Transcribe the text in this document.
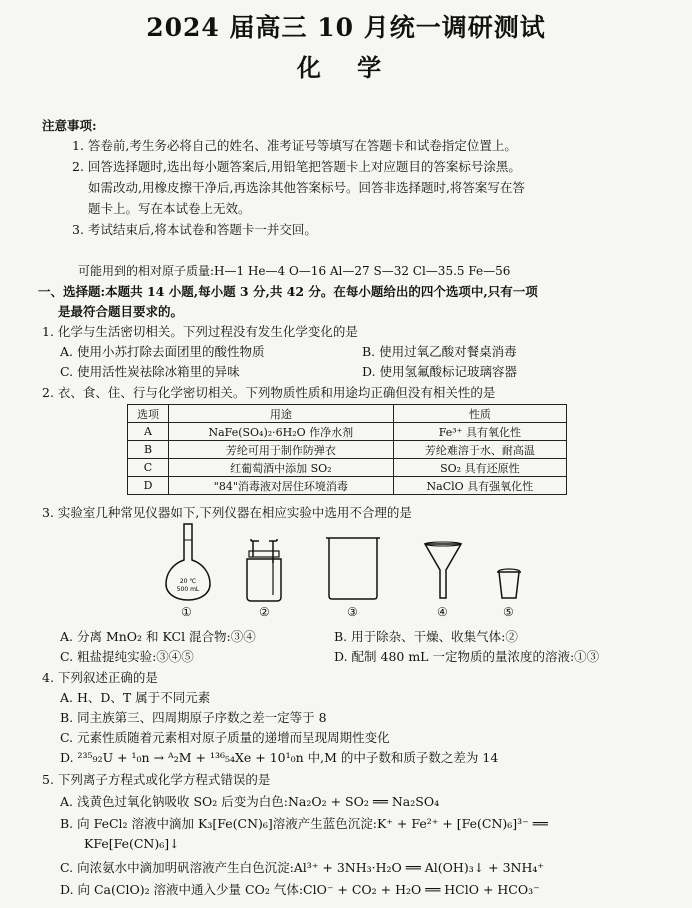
2024 届高三 10 月统一调研测试
化 学
注意事项:
1. 答卷前,考生务必将自己的姓名、准考证号等填写在答题卡和试卷指定位置上。
2. 回答选择题时,选出每小题答案后,用铅笔把答题卡上对应题目的答案标号涂黑。
如需改动,用橡皮擦干净后,再选涂其他答案标号。回答非选择题时,将答案写在答
题卡上。写在本试卷上无效。
3. 考试结束后,将本试卷和答题卡一并交回。
可能用到的相对原子质量:H—1 He—4 O—16 Al—27 S—32 Cl—35.5 Fe—56
一、选择题:本题共 14 小题,每小题 3 分,共 42 分。在每小题给出的四个选项中,只有一项
是最符合题目要求的。
1. 化学与生活密切相关。下列过程没有发生化学变化的是
A. 使用小苏打除去面团里的酸性物质	B. 使用过氧乙酸对餐桌消毒
C. 使用活性炭祛除冰箱里的异味	D. 使用氢氟酸标记玻璃容器
2. 衣、食、住、行与化学密切相关。下列物质性质和用途均正确但没有相关性的是
选项	用途	性质
A	NaFe(SO₄)₂·6H₂O 作净水剂	Fe³⁺ 具有氧化性
B	芳纶可用于制作防弹衣	芳纶难溶于水、耐高温
C	红葡萄酒中添加 SO₂	SO₂ 具有还原性
D	"84"消毒液对居住环境消毒	NaClO 具有强氧化性
3. 实验室几种常见仪器如下,下列仪器在相应实验中选用不合理的是
20 ℃
500 mL
①	②	③	④	⑤
A. 分离 MnO₂ 和 KCl 混合物:③④	B. 用于除杂、干燥、收集气体:②
C. 粗盐提纯实验:③④⑤	D. 配制 480 mL 一定物质的量浓度的溶液:①③
4. 下列叙述正确的是
A. H、D、T 属于不同元素
B. 同主族第三、四周期原子序数之差一定等于 8
C. 元素性质随着元素相对原子质量的递增而呈现周期性变化
D. ²³⁵₉₂U + ¹₀n → ᴬ₂M + ¹³⁶₅₄Xe + 10¹₀n 中,M 的中子数和质子数之差为 14
5. 下列离子方程式或化学方程式错误的是
A. 浅黄色过氧化钠吸收 SO₂ 后变为白色:Na₂O₂ + SO₂ ══ Na₂SO₄
B. 向 FeCl₂ 溶液中滴加 K₃[Fe(CN)₆]溶液产生蓝色沉淀:K⁺ + Fe²⁺ + [Fe(CN)₆]³⁻ ══
KFe[Fe(CN)₆]↓
C. 向浓氨水中滴加明矾溶液产生白色沉淀:Al³⁺ + 3NH₃·H₂O ══ Al(OH)₃↓ + 3NH₄⁺
D. 向 Ca(ClO)₂ 溶液中通入少量 CO₂ 气体:ClO⁻ + CO₂ + H₂O ══ HClO + HCO₃⁻
